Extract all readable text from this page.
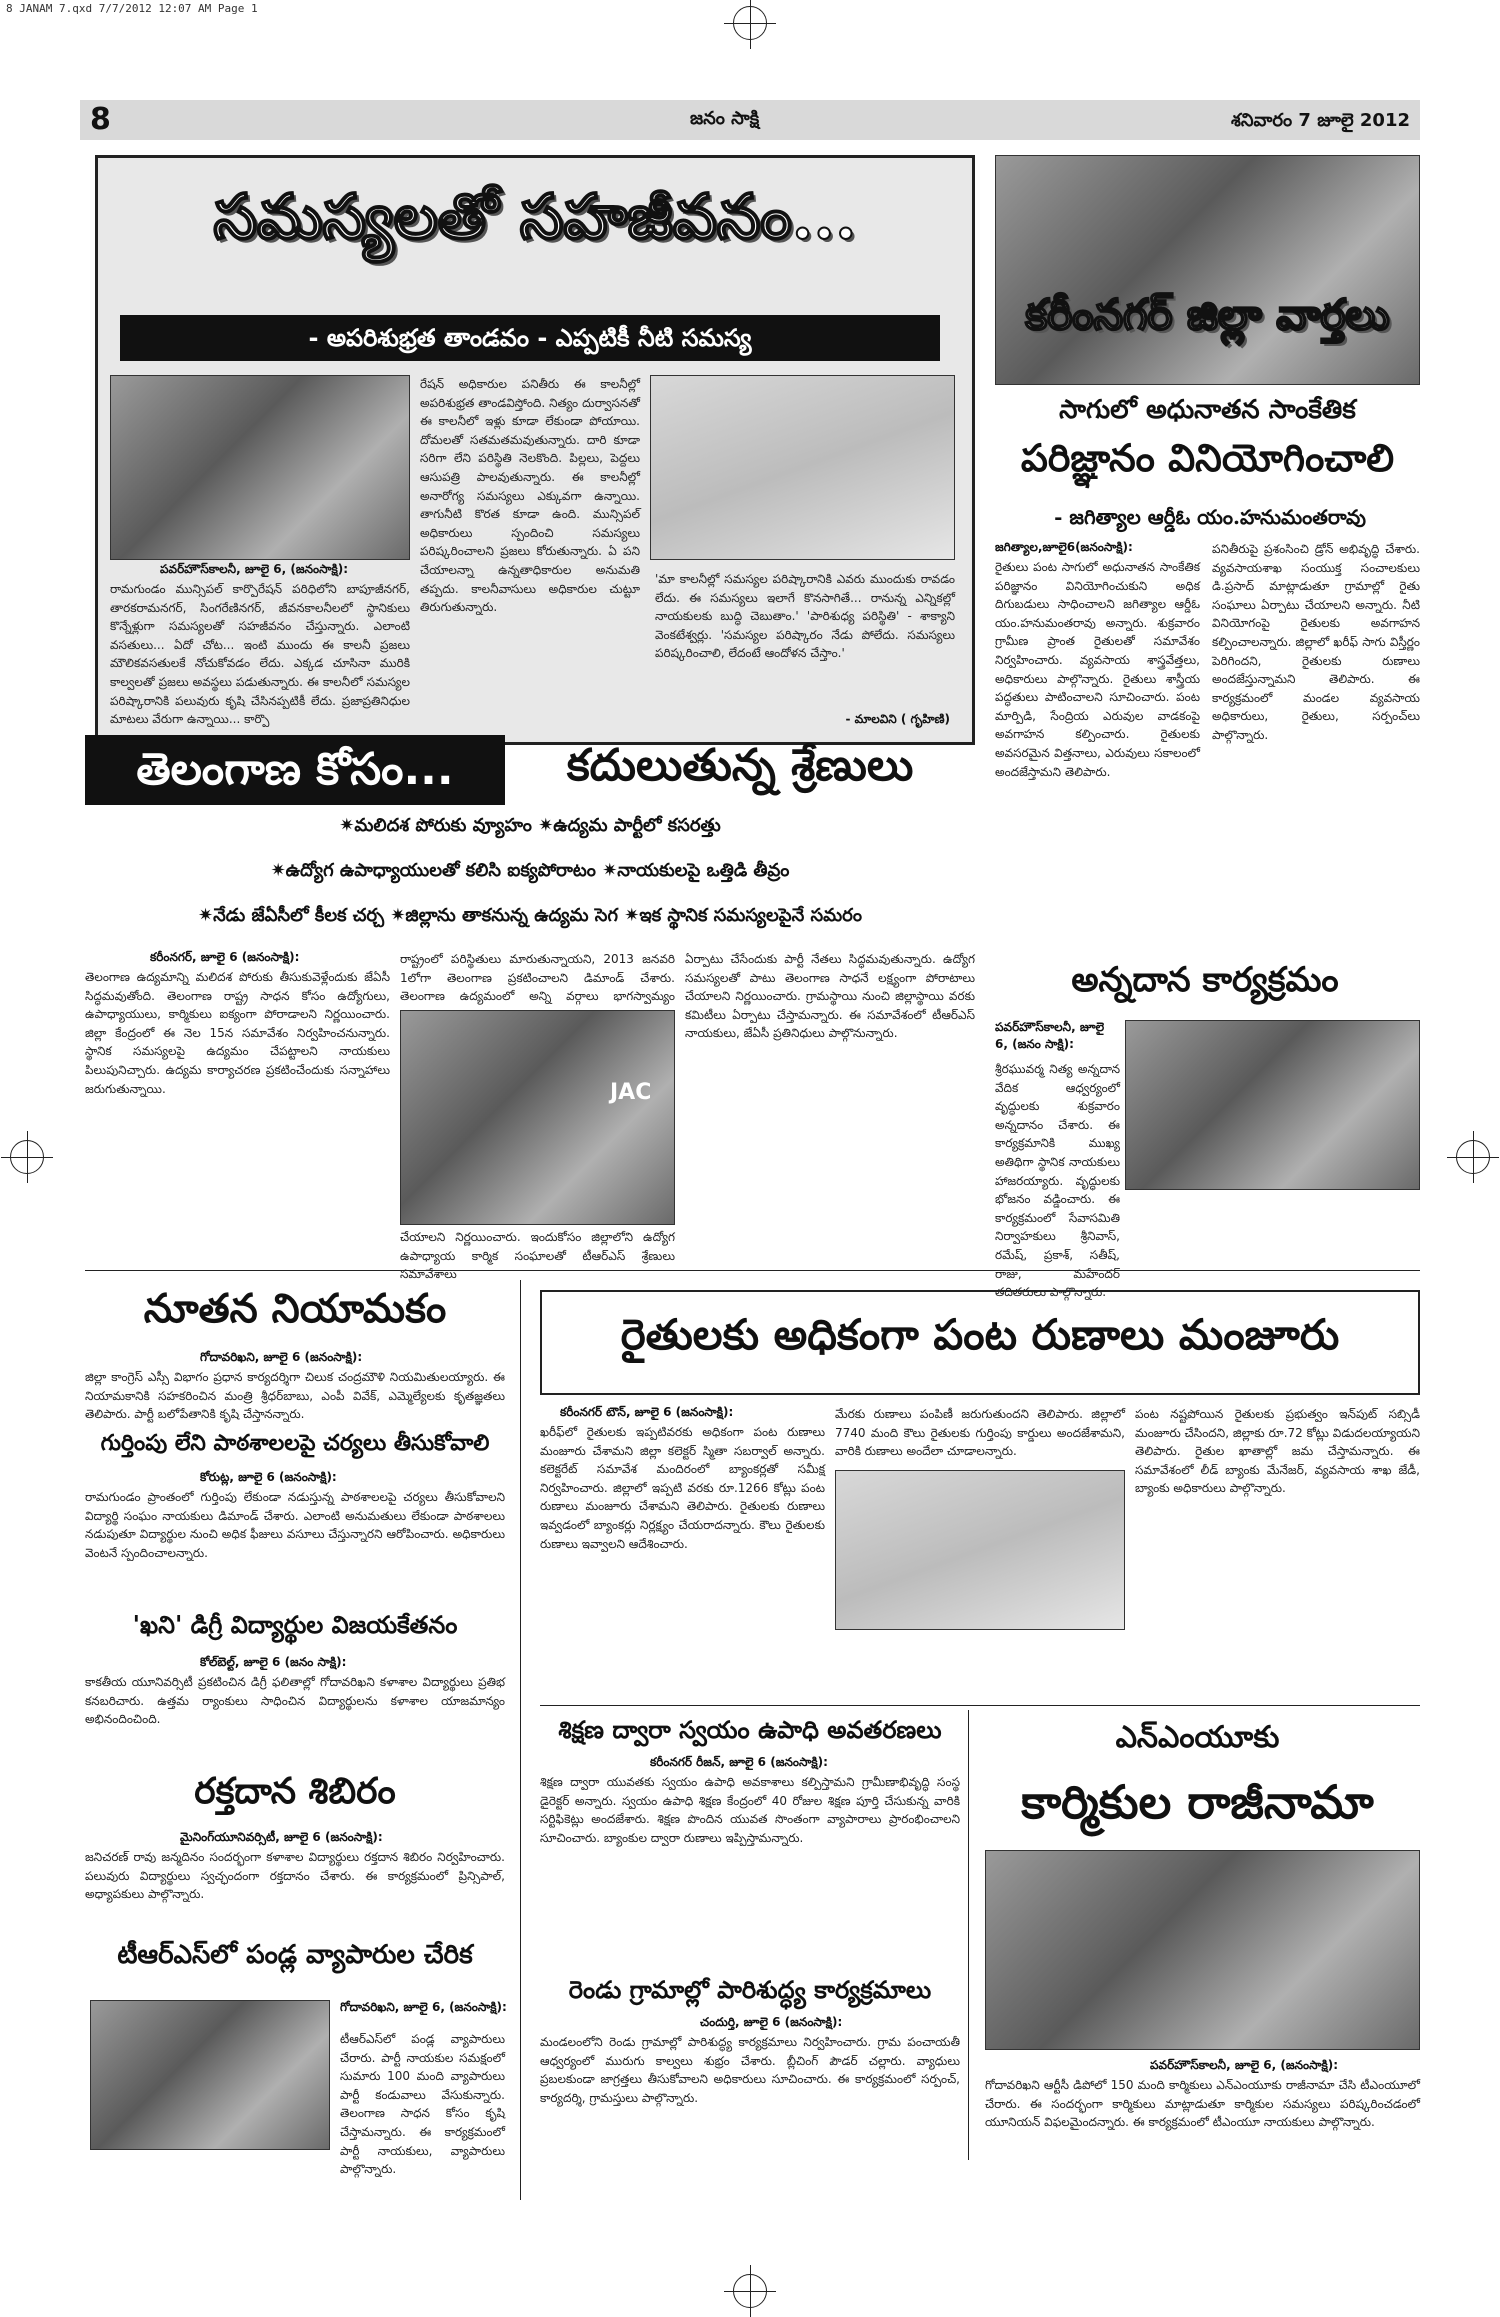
8 JANAM 7.qxd 7/7/2012 12:07 AM Page 1
8	జనం సాక్షి	శనివారం 7 జూలై 2012
సమస్యలతో సహజీవనం...
- అపరిశుభ్రత తాండవం - ఎప్పటికీ నీటి సమస్య
పవర్‌హౌస్‌కాలనీ, జూలై 6, (జనంసాక్షి):
రామగుండం మున్సిపల్ కార్పొరేషన్ పరిధిలోని బాపూజీనగర్, తారకరామనగర్, సింగరేణినగర్, జీవనకాలనీలలో స్థానికులు కొన్నేళ్లుగా సమస్యలతో సహజీవనం చేస్తున్నారు. ఎలాంటి వసతులు... ఏదో చోట... ఇంటి ముందు ఈ కాలనీ ప్రజలు మౌలికవసతులకే నోచుకోవడం లేదు. ఎక్కడ చూసినా మురికి కాల్వలతో ప్రజలు అవస్థలు పడుతున్నారు. ఈ కాలనీలో సమస్యల పరిష్కారానికి పలువురు కృషి చేసినప్పటికీ లేదు. ప్రజాప్రతినిధుల మాటలు వేరుగా ఉన్నాయి... కార్పొ
రేషన్ అధికారుల పనితీరు ఈ కాలనీల్లో అపరిశుభ్రత తాండవిస్తోంది. నిత్యం దుర్వాసనతో ఈ కాలనీలో ఇళ్లు కూడా లేకుండా పోయాయి. దోమలతో సతమతమవుతున్నారు. దారి కూడా సరిగా లేని పరిస్థితి నెలకొంది. పిల్లలు, పెద్దలు ఆసుపత్రి పాలవుతున్నారు. ఈ కాలనీల్లో అనారోగ్య సమస్యలు ఎక్కువగా ఉన్నాయి. తాగునీటి కొరత కూడా ఉంది. మున్సిపల్ అధికారులు స్పందించి సమస్యలు పరిష్కరించాలని ప్రజలు కోరుతున్నారు. ఏ పని చేయాలన్నా ఉన్నతాధికారుల అనుమతి తప్పదు. కాలనీవాసులు అధికారుల చుట్టూ తిరుగుతున్నారు.
'మా కాలనీల్లో సమస్యల పరిష్కారానికి ఎవరు ముందుకు రావడం లేదు. ఈ సమస్యలు ఇలాగే కొనసాగితే... రానున్న ఎన్నికల్లో నాయకులకు బుద్ధి చెబుతాం.' 'పారిశుధ్య పరిస్థితి' - శాక్యాని వెంకటేశ్వర్లు. 'సమస్యల పరిష్కారం నేడు పోలేదు. సమస్యలు పరిష్కరించాలి, లేదంటే ఆందోళన చేస్తాం.'
- మాలవిని ( గృహిణి)
కరీంనగర్ జిల్లా వార్తలు
సాగులో అధునాతన సాంకేతిక
పరిజ్ఞానం వినియోగించాలి
- జగిత్యాల ఆర్డీఓ యం.హనుమంతరావు
జగిత్యాల,జూలై6(జనంసాక్షి):
రైతులు పంట సాగులో అధునాతన సాంకేతిక పరిజ్ఞానం వినియోగించుకుని అధిక దిగుబడులు సాధించాలని జగిత్యాల ఆర్డీఓ యం.హనుమంతరావు అన్నారు. శుక్రవారం గ్రామీణ ప్రాంత రైతులతో సమావేశం నిర్వహించారు. వ్యవసాయ శాస్త్రవేత్తలు, అధికారులు పాల్గొన్నారు. రైతులు శాస్త్రీయ పద్ధతులు పాటించాలని సూచించారు. పంట మార్పిడి, సేంద్రియ ఎరువుల వాడకంపై అవగాహన కల్పించారు. రైతులకు అవసరమైన విత్తనాలు, ఎరువులు సకాలంలో అందజేస్తామని తెలిపారు.
పనితీరుపై ప్రశంసించి డ్రోన్ అభివృద్ధి చేశారు. వ్యవసాయశాఖ సంయుక్త సంచాలకులు డి.ప్రసాద్ మాట్లాడుతూ గ్రామాల్లో రైతు సంఘాలు ఏర్పాటు చేయాలని అన్నారు. నీటి వినియోగంపై రైతులకు అవగాహన కల్పించాలన్నారు. జిల్లాలో ఖరీఫ్ సాగు విస్తీర్ణం పెరిగిందని, రైతులకు రుణాలు అందజేస్తున్నామని తెలిపారు. ఈ కార్యక్రమంలో మండల వ్యవసాయ అధికారులు, రైతులు, సర్పంచ్‌లు పాల్గొన్నారు.
తెలంగాణ కోసం...	కదులుతున్న శ్రేణులు
✷మలిదశ పోరుకు వ్యూహం ✷ఉద్యమ పార్టీలో కసరత్తు
✷ఉద్యోగ ఉపాధ్యాయులతో కలిసి ఐక్యపోరాటం ✷నాయకులపై ఒత్తిడి తీవ్రం
✷నేడు జేఏసీలో కీలక చర్చ ✷జిల్లాను తాకనున్న ఉద్యమ సెగ ✷ఇక స్థానిక సమస్యలపైనే సమరం
కరీంనగర్, జూలై 6 (జనంసాక్షి):
తెలంగాణ ఉద్యమాన్ని మలిదశ పోరుకు తీసుకువెళ్లేందుకు జేఏసీ సిద్ధమవుతోంది. తెలంగాణ రాష్ట్ర సాధన కోసం ఉద్యోగులు, ఉపాధ్యాయులు, కార్మికులు ఐక్యంగా పోరాడాలని నిర్ణయించారు. జిల్లా కేంద్రంలో ఈ నెల 15న సమావేశం నిర్వహించనున్నారు. స్థానిక సమస్యలపై ఉద్యమం చేపట్టాలని నాయకులు పిలుపునిచ్చారు. ఉద్యమ కార్యాచరణ ప్రకటించేందుకు సన్నాహాలు జరుగుతున్నాయి.
రాష్ట్రంలో పరిస్థితులు మారుతున్నాయని, 2013 జనవరి 1లోగా తెలంగాణ ప్రకటించాలని డిమాండ్ చేశారు. తెలంగాణ ఉద్యమంలో అన్ని వర్గాలు భాగస్వామ్యం
JAC
చేయాలని నిర్ణయించారు. ఇందుకోసం జిల్లాలోని ఉద్యోగ ఉపాధ్యాయ కార్మిక సంఘాలతో టీఆర్‌ఎస్ శ్రేణులు సమావేశాలు
ఏర్పాటు చేసేందుకు పార్టీ నేతలు సిద్ధమవుతున్నారు. ఉద్యోగ సమస్యలతో పాటు తెలంగాణ సాధనే లక్ష్యంగా పోరాటాలు చేయాలని నిర్ణయించారు. గ్రామస్థాయి నుంచి జిల్లాస్థాయి వరకు కమిటీలు ఏర్పాటు చేస్తామన్నారు. ఈ సమావేశంలో టీఆర్‌ఎస్ నాయకులు, జేఏసీ ప్రతినిధులు పాల్గొనున్నారు.
అన్నదాన కార్యక్రమం
పవర్‌హౌస్‌కాలనీ, జూలై 6, (జనం సాక్షి):
శ్రీరఘువర్మ నిత్య అన్నదాన వేదిక ఆధ్వర్యంలో వృద్ధులకు శుక్రవారం అన్నదానం చేశారు. ఈ కార్యక్రమానికి ముఖ్య అతిథిగా స్థానిక నాయకులు హాజరయ్యారు. వృద్ధులకు భోజనం వడ్డించారు. ఈ కార్యక్రమంలో సేవాసమితి నిర్వాహకులు శ్రీనివాస్, రమేష్, ప్రకాశ్, సతీష్, రాజు, మహేందర్ తదితరులు పాల్గొన్నారు.
నూతన నియామకం
గోదావరిఖని, జూలై 6 (జనంసాక్షి):
జిల్లా కాంగ్రెస్ ఎస్సీ విభాగం ప్రధాన కార్యదర్శిగా చిలుక చంద్రమౌళి నియమితులయ్యారు. ఈ నియామకానికి సహకరించిన మంత్రి శ్రీధర్‌బాబు, ఎంపీ వివేక్, ఎమ్మెల్యేలకు కృతజ్ఞతలు తెలిపారు. పార్టీ బలోపేతానికి కృషి చేస్తానన్నారు.
గుర్తింపు లేని పాఠశాలలపై చర్యలు తీసుకోవాలి
కోరుట్ల, జూలై 6 (జనంసాక్షి):
రామగుండం ప్రాంతంలో గుర్తింపు లేకుండా నడుస్తున్న పాఠశాలలపై చర్యలు తీసుకోవాలని విద్యార్థి సంఘం నాయకులు డిమాండ్ చేశారు. ఎలాంటి అనుమతులు లేకుండా పాఠశాలలు నడుపుతూ విద్యార్థుల నుంచి అధిక ఫీజులు వసూలు చేస్తున్నారని ఆరోపించారు. అధికారులు వెంటనే స్పందించాలన్నారు.
'ఖని' డిగ్రీ విద్యార్థుల విజయకేతనం
కోల్‌బెల్ట్, జూలై 6 (జనం సాక్షి):
కాకతీయ యూనివర్సిటీ ప్రకటించిన డిగ్రీ ఫలితాల్లో గోదావరిఖని కళాశాల విద్యార్థులు ప్రతిభ కనబరిచారు. ఉత్తమ ర్యాంకులు సాధించిన విద్యార్థులను కళాశాల యాజమాన్యం అభినందించింది.
రక్తదాన శిబిరం
మైనింగ్‌యూనివర్సిటీ, జూలై 6 (జనంసాక్షి):
జనిచరణ్ రావు జన్మదినం సందర్భంగా కళాశాల విద్యార్థులు రక్తదాన శిబిరం నిర్వహించారు. పలువురు విద్యార్థులు స్వచ్ఛందంగా రక్తదానం చేశారు. ఈ కార్యక్రమంలో ప్రిన్సిపాల్, అధ్యాపకులు పాల్గొన్నారు.
టీఆర్‌ఎస్‌లో పండ్ల వ్యాపారుల చేరిక
గోదావరిఖని, జూలై 6, (జనంసాక్షి):
టీఆర్‌ఎస్‌లో పండ్ల వ్యాపారులు చేరారు. పార్టీ నాయకుల సమక్షంలో సుమారు 100 మంది వ్యాపారులు పార్టీ కండువాలు వేసుకున్నారు. తెలంగాణ సాధన కోసం కృషి చేస్తామన్నారు. ఈ కార్యక్రమంలో పార్టీ నాయకులు, వ్యాపారులు పాల్గొన్నారు.
రైతులకు అధికంగా పంట రుణాలు మంజూరు
కరీంనగర్ టౌన్, జూలై 6 (జనంసాక్షి):
ఖరీఫ్‌లో రైతులకు ఇప్పటివరకు అధికంగా పంట రుణాలు మంజూరు చేశామని జిల్లా కలెక్టర్ స్మితా సబర్వాల్ అన్నారు. కలెక్టరేట్ సమావేశ మందిరంలో బ్యాంకర్లతో సమీక్ష నిర్వహించారు. జిల్లాలో ఇప్పటి వరకు రూ.1266 కోట్లు పంట రుణాలు మంజూరు చేశామని తెలిపారు. రైతులకు రుణాలు ఇవ్వడంలో బ్యాంకర్లు నిర్లక్ష్యం చేయరాదన్నారు. కౌలు రైతులకు రుణాలు ఇవ్వాలని ఆదేశించారు.
మేరకు రుణాలు పంపిణీ జరుగుతుందని తెలిపారు. జిల్లాలో 7740 మంది కౌలు రైతులకు గుర్తింపు కార్డులు అందజేశామని, వారికి రుణాలు అందేలా చూడాలన్నారు.
పంట నష్టపోయిన రైతులకు ప్రభుత్వం ఇన్‌పుట్ సబ్సిడీ మంజూరు చేసిందని, జిల్లాకు రూ.72 కోట్లు విడుదలయ్యాయని తెలిపారు. రైతుల ఖాతాల్లో జమ చేస్తామన్నారు. ఈ సమావేశంలో లీడ్ బ్యాంకు మేనేజర్, వ్యవసాయ శాఖ జేడీ, బ్యాంకు అధికారులు పాల్గొన్నారు.
శిక్షణ ద్వారా స్వయం ఉపాధి అవతరణలు
కరీంనగర్ రీజన్, జూలై 6 (జనంసాక్షి):
శిక్షణ ద్వారా యువతకు స్వయం ఉపాధి అవకాశాలు కల్పిస్తామని గ్రామీణాభివృద్ధి సంస్థ డైరెక్టర్ అన్నారు. స్వయం ఉపాధి శిక్షణ కేంద్రంలో 40 రోజుల శిక్షణ పూర్తి చేసుకున్న వారికి సర్టిఫికెట్లు అందజేశారు. శిక్షణ పొందిన యువత సొంతంగా వ్యాపారాలు ప్రారంభించాలని సూచించారు. బ్యాంకుల ద్వారా రుణాలు ఇప్పిస్తామన్నారు.
ఎన్‌ఎంయూకు
కార్మికుల రాజీనామా
పవర్‌హౌస్‌కాలనీ, జూలై 6, (జనంసాక్షి):
గోదావరిఖని ఆర్టీసీ డిపోలో 150 మంది కార్మికులు ఎన్‌ఎంయూకు రాజీనామా చేసి టీఎంయూలో చేరారు. ఈ సందర్భంగా కార్మికులు మాట్లాడుతూ కార్మికుల సమస్యలు పరిష్కరించడంలో యూనియన్ విఫలమైందన్నారు. ఈ కార్యక్రమంలో టీఎంయూ నాయకులు పాల్గొన్నారు.
రెండు గ్రామాల్లో పారిశుద్ధ్య కార్యక్రమాలు
చందుర్తి, జూలై 6 (జనంసాక్షి):
మండలంలోని రెండు గ్రామాల్లో పారిశుద్ధ్య కార్యక్రమాలు నిర్వహించారు. గ్రామ పంచాయతీ ఆధ్వర్యంలో మురుగు కాల్వలు శుభ్రం చేశారు. బ్లీచింగ్ పౌడర్ చల్లారు. వ్యాధులు ప్రబలకుండా జాగ్రత్తలు తీసుకోవాలని అధికారులు సూచించారు. ఈ కార్యక్రమంలో సర్పంచ్, కార్యదర్శి, గ్రామస్తులు పాల్గొన్నారు.
